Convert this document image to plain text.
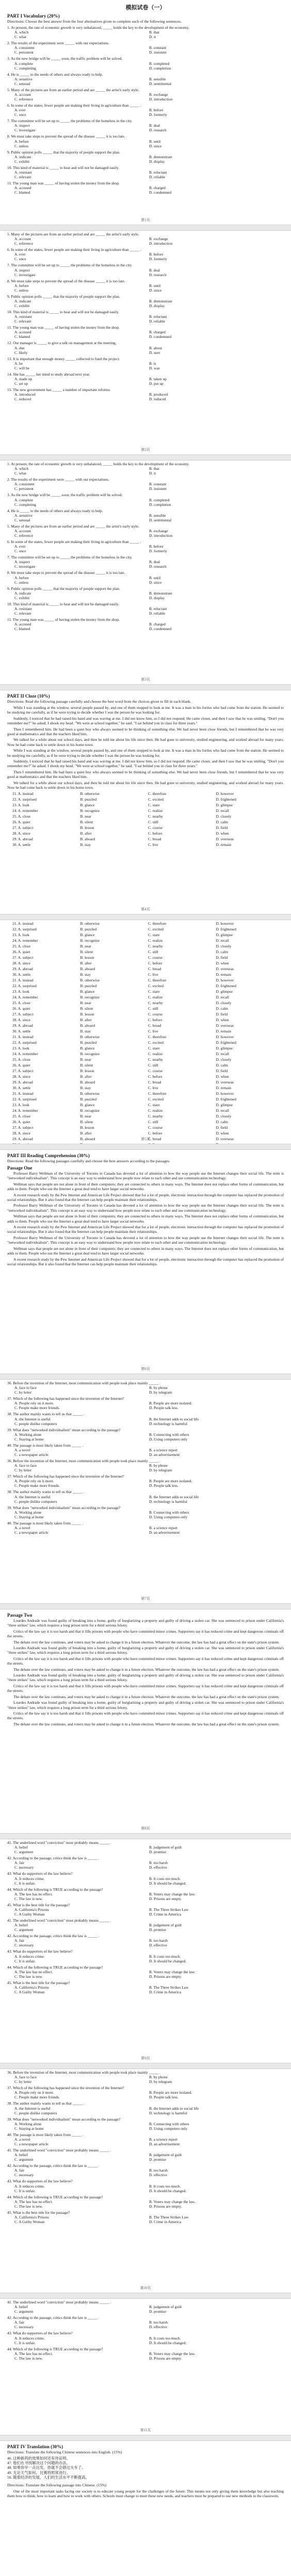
模拟试卷（一）
PART I Vocabulary (20%)
Directions: Choose the best answer from the four alternatives given to complete each of the following sentences.

1. At present, the rate of economic growth is very unbalanced, _____ holds the key to the development of the economy.

A. which	B. that
C. what	D. it

2. The results of the experiment were _____ with our expectations.

A. consistent	B. constant
C. persistent	D. insistent

3. As the new bridge will be _____ soon, the traffic problem will be solved.

A. complete	B. completed
C. completing	D. completion

4. He is _____ to the needs of others and always ready to help.

A. sensitive	B. sensible
C. sensual	D. sentimental

5. Many of the pictures are from an earlier period and are _____ the artist's early style.

A. account	B. exchange
C. reference	D. introduction

6. In some of the states, fewer people are making their living in agriculture than _____ .

A. ever	B. before
C. once	D. formerly

7. The committee will be set up to _____ the problems of the homeless in the city.

A. inspect	B. deal
C. investigate	D. research

8. We must take steps to prevent the spread of the disease _____ it is too late.

A. before	B. until
C. unless	D. since

9. Public opinion polls _____ that the majority of people support the plan.

A. indicate	B. demonstrate
C. exhibit	D. display

10. This kind of material is _____ to heat and will not be damaged easily.

A. resistant	B. reluctant
C. relevant	D. reliable

11. The young man was _____ of having stolen the money from the shop.

A. accused	B. charged
C. blamed	D. condemned
第1页

5. Many of the pictures are from an earlier period and are _____ the artist's early style.

A. account	B. exchange
C. reference	D. introduction

6. In some of the states, fewer people are making their living in agriculture than _____ .

A. ever	B. before
C. once	D. formerly

7. The committee will be set up to _____ the problems of the homeless in the city.

A. inspect	B. deal
C. investigate	D. research

8. We must take steps to prevent the spread of the disease _____ it is too late.

A. before	B. until
C. unless	D. since

9. Public opinion polls _____ that the majority of people support the plan.

A. indicate	B. demonstrate
C. exhibit	D. display

10. This kind of material is _____ to heat and will not be damaged easily.

A. resistant	B. reluctant
C. relevant	D. reliable

11. The young man was _____ of having stolen the money from the shop.

A. accused	B. charged
C. blamed	D. condemned

12. Our manager is _____ to give a talk on management at the meeting.

A. due	B. about
C. likely	D. sure

13. It is important that enough money _____ collected to fund the project.

A. be	B. is
C. will be	D. was

14. She has _____ her mind to study abroad next year.

A. made up	B. taken up
C. set up	D. put up

15. The new government has _____ a number of important reforms.

A. introduced	B. produced
C. reduced	D. induced
第2页

1. At present, the rate of economic growth is very unbalanced, _____ holds the key to the development of the economy.

A. which	B. that
C. what	D. it

2. The results of the experiment were _____ with our expectations.

A. consistent	B. constant
C. persistent	D. insistent

3. As the new bridge will be _____ soon, the traffic problem will be solved.

A. complete	B. completed
C. completing	D. completion

4. He is _____ to the needs of others and always ready to help.

A. sensitive	B. sensible
C. sensual	D. sentimental

5. Many of the pictures are from an earlier period and are _____ the artist's early style.

A. account	B. exchange
C. reference	D. introduction

6. In some of the states, fewer people are making their living in agriculture than _____ .

A. ever	B. before
C. once	D. formerly

7. The committee will be set up to _____ the problems of the homeless in the city.

A. inspect	B. deal
C. investigate	D. research

8. We must take steps to prevent the spread of the disease _____ it is too late.

A. before	B. until
C. unless	D. since

9. Public opinion polls _____ that the majority of people support the plan.

A. indicate	B. demonstrate
C. exhibit	D. display

10. This kind of material is _____ to heat and will not be damaged easily.

A. resistant	B. reluctant
C. relevant	D. reliable

11. The young man was _____ of having stolen the money from the shop.

A. accused	B. charged
C. blamed	D. condemned
第3页
PART II Cloze (10%)
Directions: Read the following passage carefully and choose the best word from the choices given to fill in each blank.

While I was standing at the window, several people passed by, and one of them stopped to look at me. It was a man in his forties who had come from the station. He seemed to be studying me carefully, as if he were trying to decide whether I was the person he was looking for.

Suddenly, I noticed that he had raised his hand and was waving at me. I did not know him, so I did not respond. He came closer, and then I saw that he was smiling. "Don't you remember me?" he asked. I shook my head. "We were at school together," he said. "I sat behind you in class for three years."

Then I remembered him. He had been a quiet boy who always seemed to be thinking of something else. We had never been close friends, but I remembered that he was very good at mathematics and that the teachers liked him.

We talked for a while about our school days, and then he told me about his life since then. He had gone to university, studied engineering, and worked abroad for many years. Now he had come back to settle down in his home town.

While I was standing at the window, several people passed by, and one of them stopped to look at me. It was a man in his forties who had come from the station. He seemed to be studying me carefully, as if he were trying to decide whether I was the person he was looking for.

Suddenly, I noticed that he had raised his hand and was waving at me. I did not know him, so I did not respond. He came closer, and then I saw that he was smiling. "Don't you remember me?" he asked. I shook my head. "We were at school together," he said. "I sat behind you in class for three years."

Then I remembered him. He had been a quiet boy who always seemed to be thinking of something else. We had never been close friends, but I remembered that he was very good at mathematics and that the teachers liked him.

We talked for a while about our school days, and then he told me about his life since then. He had gone to university, studied engineering, and worked abroad for many years. Now he had come back to settle down in his home town.

21. A. instead	B. otherwise	C. therefore	D. however
22. A. surprised	B. puzzled	C. excited	D. frightened
23. A. look	B. glance	C. stare	D. glimpse
24. A. remember	B. recognize	C. realize	D. recall
25. A. close	B. near	C. nearby	D. closely
26. A. quiet	B. silent	C. still	D. calm
27. A. subject	B. lesson	C. course	D. field
28. A. since	B. after	C. before	D. when
29. A. abroad	B. aboard	C. broad	D. overseas
30. A. settle	B. stay	C. live	D. remain
第4页
21. A. instead	B. otherwise	C. therefore	D. however
22. A. surprised	B. puzzled	C. excited	D. frightened
23. A. look	B. glance	C. stare	D. glimpse
24. A. remember	B. recognize	C. realize	D. recall
25. A. close	B. near	C. nearby	D. closely
26. A. quiet	B. silent	C. still	D. calm
27. A. subject	B. lesson	C. course	D. field
28. A. since	B. after	C. before	D. when
29. A. abroad	B. aboard	C. broad	D. overseas
30. A. settle	B. stay	C. live	D. remain
21. A. instead	B. otherwise	C. therefore	D. however
22. A. surprised	B. puzzled	C. excited	D. frightened
23. A. look	B. glance	C. stare	D. glimpse
24. A. remember	B. recognize	C. realize	D. recall
25. A. close	B. near	C. nearby	D. closely
26. A. quiet	B. silent	C. still	D. calm
27. A. subject	B. lesson	C. course	D. field
28. A. since	B. after	C. before	D. when
29. A. abroad	B. aboard	C. broad	D. overseas
30. A. settle	B. stay	C. live	D. remain
21. A. instead	B. otherwise	C. therefore	D. however
22. A. surprised	B. puzzled	C. excited	D. frightened
23. A. look	B. glance	C. stare	D. glimpse
24. A. remember	B. recognize	C. realize	D. recall
25. A. close	B. near	C. nearby	D. closely
26. A. quiet	B. silent	C. still	D. calm
27. A. subject	B. lesson	C. course	D. field
28. A. since	B. after	C. before	D. when
29. A. abroad	B. aboard	C. broad	D. overseas
30. A. settle	B. stay	C. live	D. remain
21. A. instead	B. otherwise	C. therefore	D. however
22. A. surprised	B. puzzled	C. excited	D. frightened
23. A. look	B. glance	C. stare	D. glimpse
24. A. remember	B. recognize	C. realize	D. recall
25. A. close	B. near	C. nearby	D. closely
26. A. quiet	B. silent	C. still	D. calm
27. A. subject	B. lesson	C. course	D. field
28. A. since	B. after	C. before	D. when
29. A. abroad	B. aboard	C. broad	D. overseas
第5页
PART III Reading Comprehension (30%)
Directions: Read the following passages carefully and choose the best answers according to the passages.
Passage One

Professor Barry Wellman of the University of Toronto in Canada has devoted a lot of attention to how the way people use the Internet changes their social life. The term is "networked individualism". This concept is an easy way to understand how people now relate to each other and use communication technology.

Wellman says that people are not alone in front of their computers; they are connected to others in many ways. The Internet does not replace other forms of communication, but adds to them. People who use the Internet a great deal tend to have larger social networks.

A recent research study by the Pew Internet and American Life Project showed that for a lot of people, electronic interaction through the computer has replaced the promotion of social relationships. But it also found that the Internet can help people maintain their relationships.

Professor Barry Wellman of the University of Toronto in Canada has devoted a lot of attention to how the way people use the Internet changes their social life. The term is "networked individualism". This concept is an easy way to understand how people now relate to each other and use communication technology.

Wellman says that people are not alone in front of their computers; they are connected to others in many ways. The Internet does not replace other forms of communication, but adds to them. People who use the Internet a great deal tend to have larger social networks.

A recent research study by the Pew Internet and American Life Project showed that for a lot of people, electronic interaction through the computer has replaced the promotion of social relationships. But it also found that the Internet can help people maintain their relationships.

Professor Barry Wellman of the University of Toronto in Canada has devoted a lot of attention to how the way people use the Internet changes their social life. The term is "networked individualism". This concept is an easy way to understand how people now relate to each other and use communication technology.

Wellman says that people are not alone in front of their computers; they are connected to others in many ways. The Internet does not replace other forms of communication, but adds to them. People who use the Internet a great deal tend to have larger social networks.

A recent research study by the Pew Internet and American Life Project showed that for a lot of people, electronic interaction through the computer has replaced the promotion of social relationships. But it also found that the Internet can help people maintain their relationships.

第6页

36. Before the invention of the Internet, most communication with people took place mainly _____ .

A. face to face	B. by phone
C. by letter	D. by telegram

37. Which of the following has happened since the invention of the Internet?

A. People rely on it more.	B. People are more isolated.
C. People make more friends.	D. People talk less.

38. The author mainly wants to tell us that _____ .

A. the Internet is useful	B. the Internet adds to social life
C. people dislike computers	D. technology is harmful

39. What does "networked individualism" mean according to the passage?

A. Working alone	B. Connecting with others
C. Staying at home	D. Using computers only

40. The passage is most likely taken from _____ .

A. a novel	B. a science report
C. a newspaper article	D. an advertisement

36. Before the invention of the Internet, most communication with people took place mainly _____ .

A. face to face	B. by phone
C. by letter	D. by telegram

37. Which of the following has happened since the invention of the Internet?

A. People rely on it more.	B. People are more isolated.
C. People make more friends.	D. People talk less.

38. The author mainly wants to tell us that _____ .

A. the Internet is useful	B. the Internet adds to social life
C. people dislike computers	D. technology is harmful

39. What does "networked individualism" mean according to the passage?

A. Working alone	B. Connecting with others
C. Staying at home	D. Using computers only

40. The passage is most likely taken from _____ .

A. a novel	B. a science report
C. a newspaper article	D. an advertisement
第7页
Passage Two

Lourdes Andrade was found guilty of breaking into a home, guilty of burglarizing a property and guilty of driving a stolen car. She was sentenced to prison under California's "three strikes" law, which requires a long prison term for a third serious felony.

Critics of the law say it is too harsh and that it fills prisons with people who have committed minor crimes. Supporters say it has reduced crime and kept dangerous criminals off the streets.

The debate over the law continues, and voters may be asked to change it in a future election. Whatever the outcome, the law has had a great effect on the state's prison system.

Lourdes Andrade was found guilty of breaking into a home, guilty of burglarizing a property and guilty of driving a stolen car. She was sentenced to prison under California's "three strikes" law, which requires a long prison term for a third serious felony.

Critics of the law say it is too harsh and that it fills prisons with people who have committed minor crimes. Supporters say it has reduced crime and kept dangerous criminals off the streets.

The debate over the law continues, and voters may be asked to change it in a future election. Whatever the outcome, the law has had a great effect on the state's prison system.

Lourdes Andrade was found guilty of breaking into a home, guilty of burglarizing a property and guilty of driving a stolen car. She was sentenced to prison under California's "three strikes" law, which requires a long prison term for a third serious felony.

Critics of the law say it is too harsh and that it fills prisons with people who have committed minor crimes. Supporters say it has reduced crime and kept dangerous criminals off the streets.

The debate over the law continues, and voters may be asked to change it in a future election. Whatever the outcome, the law has had a great effect on the state's prison system.

Lourdes Andrade was found guilty of breaking into a home, guilty of burglarizing a property and guilty of driving a stolen car. She was sentenced to prison under California's "three strikes" law, which requires a long prison term for a third serious felony.

Critics of the law say it is too harsh and that it fills prisons with people who have committed minor crimes. Supporters say it has reduced crime and kept dangerous criminals off the streets.

The debate over the law continues, and voters may be asked to change it in a future election. Whatever the outcome, the law has had a great effect on the state's prison system.

第8页

41. The underlined word "conviction" most probably means _____ .

A. belief	B. judgement of guilt
C. argument	D. promise

42. According to the passage, critics think the law is _____ .

A. fair	B. too harsh
C. necessary	D. effective

43. What do supporters of the law believe?

A. It reduces crime.	B. It costs too much.
C. It is unfair.	D. It should be changed.

44. Which of the following is TRUE according to the passage?

A. The law has no effect.	B. Voters may change the law.
C. The law is new.	D. Prisons are empty.

45. What is the best title for the passage?

A. California's Prisons	B. The Three Strikes Law
C. A Guilty Woman	D. Crime in America

41. The underlined word "conviction" most probably means _____ .

A. belief	B. judgement of guilt
C. argument	D. promise

42. According to the passage, critics think the law is _____ .

A. fair	B. too harsh
C. necessary	D. effective

43. What do supporters of the law believe?

A. It reduces crime.	B. It costs too much.
C. It is unfair.	D. It should be changed.

44. Which of the following is TRUE according to the passage?

A. The law has no effect.	B. Voters may change the law.
C. The law is new.	D. Prisons are empty.

45. What is the best title for the passage?

A. California's Prisons	B. The Three Strikes Law
C. A Guilty Woman	D. Crime in America
第9页

36. Before the invention of the Internet, most communication with people took place mainly _____ .

A. face to face	B. by phone
C. by letter	D. by telegram

37. Which of the following has happened since the invention of the Internet?

A. People rely on it more.	B. People are more isolated.
C. People make more friends.	D. People talk less.

38. The author mainly wants to tell us that _____ .

A. the Internet is useful	B. the Internet adds to social life
C. people dislike computers	D. technology is harmful

39. What does "networked individualism" mean according to the passage?

A. Working alone	B. Connecting with others
C. Staying at home	D. Using computers only

40. The passage is most likely taken from _____ .

A. a novel	B. a science report
C. a newspaper article	D. an advertisement

41. The underlined word "conviction" most probably means _____ .

A. belief	B. judgement of guilt
C. argument	D. promise

42. According to the passage, critics think the law is _____ .

A. fair	B. too harsh
C. necessary	D. effective

43. What do supporters of the law believe?

A. It reduces crime.	B. It costs too much.
C. It is unfair.	D. It should be changed.

44. Which of the following is TRUE according to the passage?

A. The law has no effect.	B. Voters may change the law.
C. The law is new.	D. Prisons are empty.

45. What is the best title for the passage?

A. California's Prisons	B. The Three Strikes Law
C. A Guilty Woman	D. Crime in America
第10页

41. The underlined word "conviction" most probably means _____ .

A. belief	B. judgement of guilt
C. argument	D. promise

42. According to the passage, critics think the law is _____ .

A. fair	B. too harsh
C. necessary	D. effective

43. What do supporters of the law believe?

A. It reduces crime.	B. It costs too much.
C. It is unfair.	D. It should be changed.

44. Which of the following is TRUE according to the passage?

A. The law has no effect.	B. Voters may change the law.
C. The law is new.	D. Prisons are empty.
第11页
PART IV Translation (30%)
Directions: Translate the following Chinese sentences into English. (15%)

46. 这种新药的效果如何还有待证明。

47. 他们在寻找解决这个问题的办法。

48. 如果你早一点出发，你就不会错过火车了。

49. 无论天气如何，比赛将照常进行。

50. 随着经济的发展，人们的生活水平不断提高。

Directions: Translate the following passage into Chinese. (15%)
One of the most important tasks facing our society is to educate young people for the challenges of the future. This means not only giving them knowledge but also teaching them how to think, how to learn and how to work with others. Schools must change to meet these new needs, and teachers must be prepared to use new methods in the classroom.
